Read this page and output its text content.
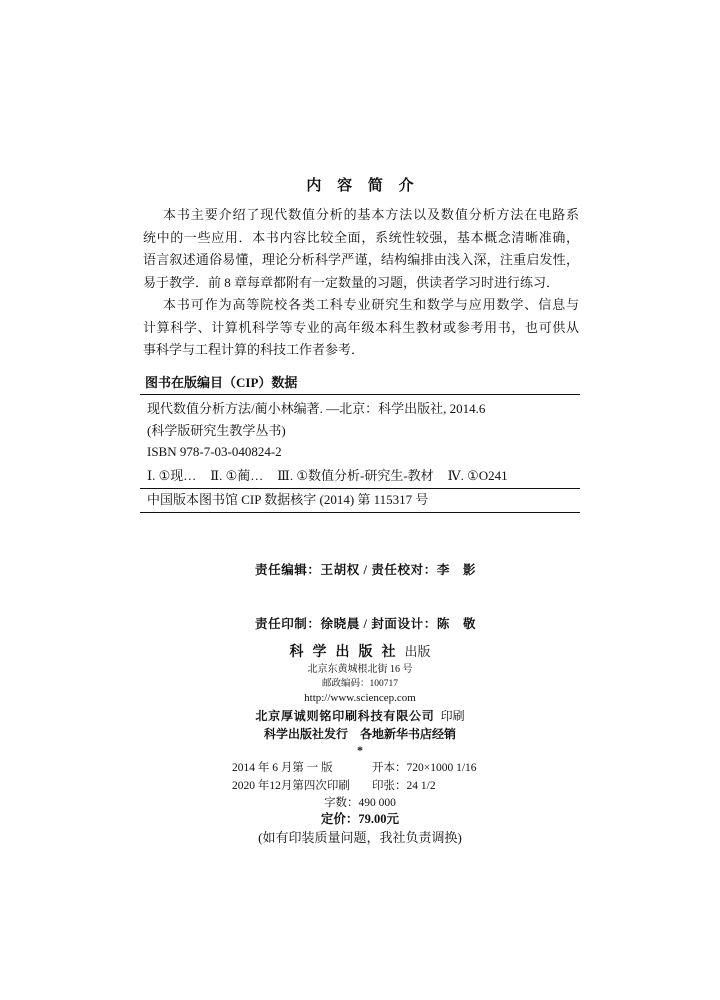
内 容 简 介
本书主要介绍了现代数值分析的基本方法以及数值分析方法在电路系
统中的一些应用．本书内容比较全面，系统性较强，基本概念清晰准确，
语言叙述通俗易懂，理论分析科学严谨，结构编排由浅入深，注重启发性，
易于教学．前 8 章每章都附有一定数量的习题，供读者学习时进行练习．
本书可作为高等院校各类工科专业研究生和数学与应用数学、信息与
计算科学、计算机科学等专业的高年级本科生教材或参考用书，也可供从
事科学与工程计算的科技工作者参考．
图书在版编目（CIP）数据
现代数值分析方法/蔺小林编著. —北京：科学出版社, 2014.6
(科学版研究生教学丛书)
ISBN 978-7-03-040824-2
Ⅰ. ①现… Ⅱ. ①蔺… Ⅲ. ①数值分析-研究生-教材 Ⅳ. ①O241
中国版本图书馆 CIP 数据核字 (2014) 第 115317 号

责任编辑：王胡权 / 责任校对：李　影

责任印制：徐晓晨 / 封面设计：陈　敬

科学出版社出版
北京东黄城根北街 16 号
邮政编码：100717
http://www.sciencep.com
北京厚诚则铭印刷科技有限公司 印刷
科学出版社发行 各地新华书店经销
*
2014 年 6 月第 一 版	开本：720×1000 1/16
2020 年12月第四次印刷 印张：24 1/2
字数：490 000
定价：79.00元
(如有印装质量问题，我社负责调换)
